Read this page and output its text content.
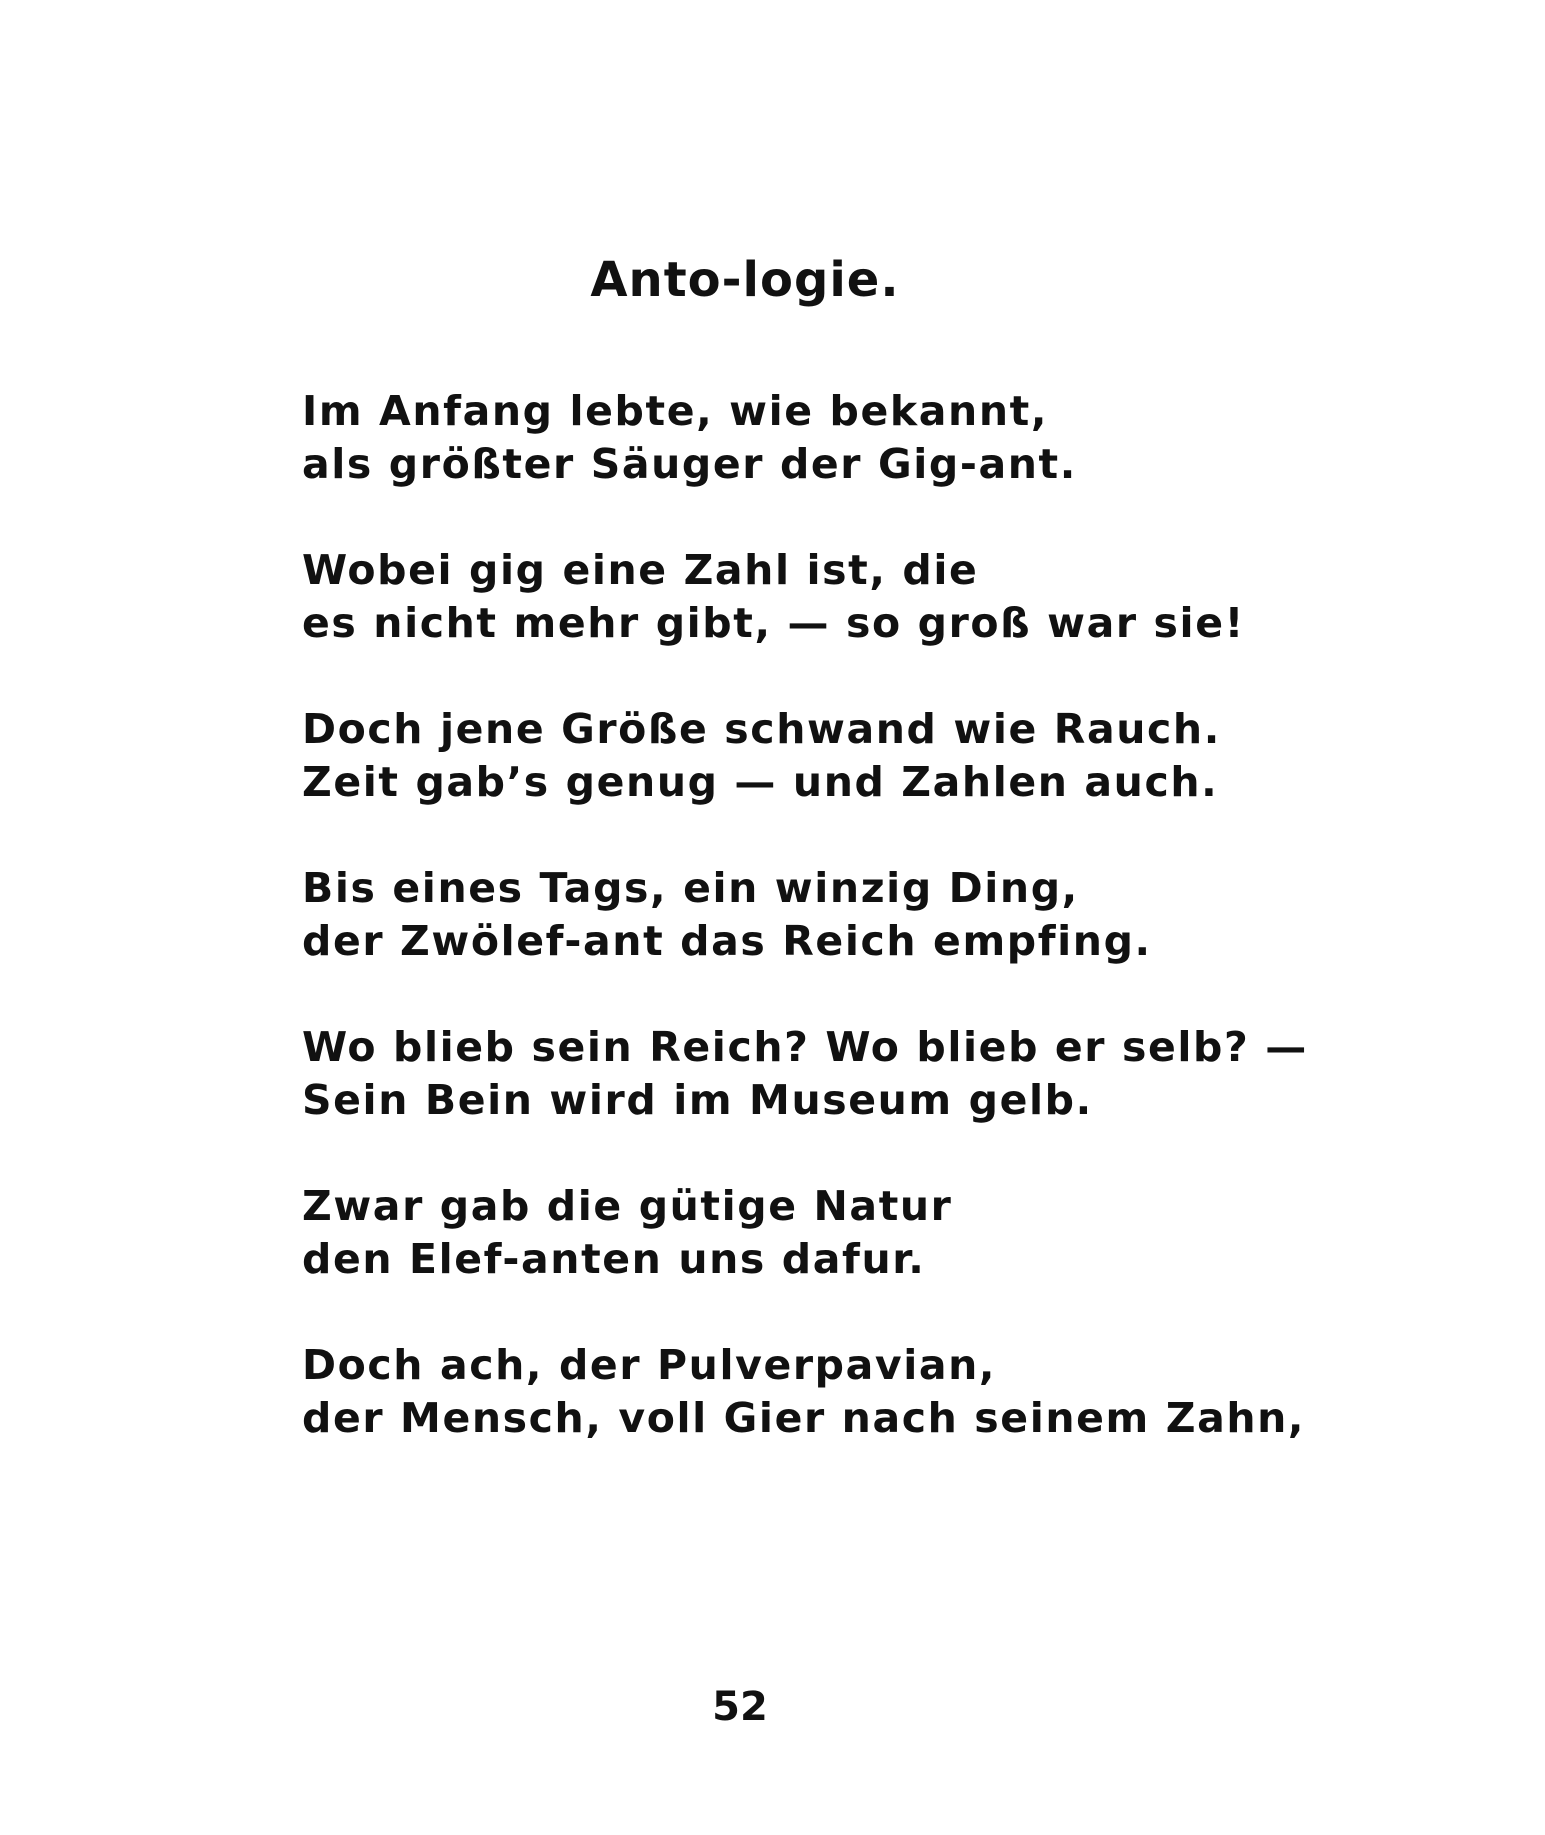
Anto-logie.
Im Anfang lebte, wie bekannt,
als größter Säuger der Gig-ant.
Wobei gig eine Zahl ist, die
es nicht mehr gibt, — so groß war sie!
Doch jene Größe schwand wie Rauch.
Zeit gab’s genug — und Zahlen auch.
Bis eines Tags, ein winzig Ding,
der Zwölef-ant das Reich empfing.
Wo blieb sein Reich? Wo blieb er selb? —
Sein Bein wird im Museum gelb.
Zwar gab die gütige Natur
den Elef-anten uns dafur.
Doch ach, der Pulverpavian,
der Mensch, voll Gier nach seinem Zahn,
52
